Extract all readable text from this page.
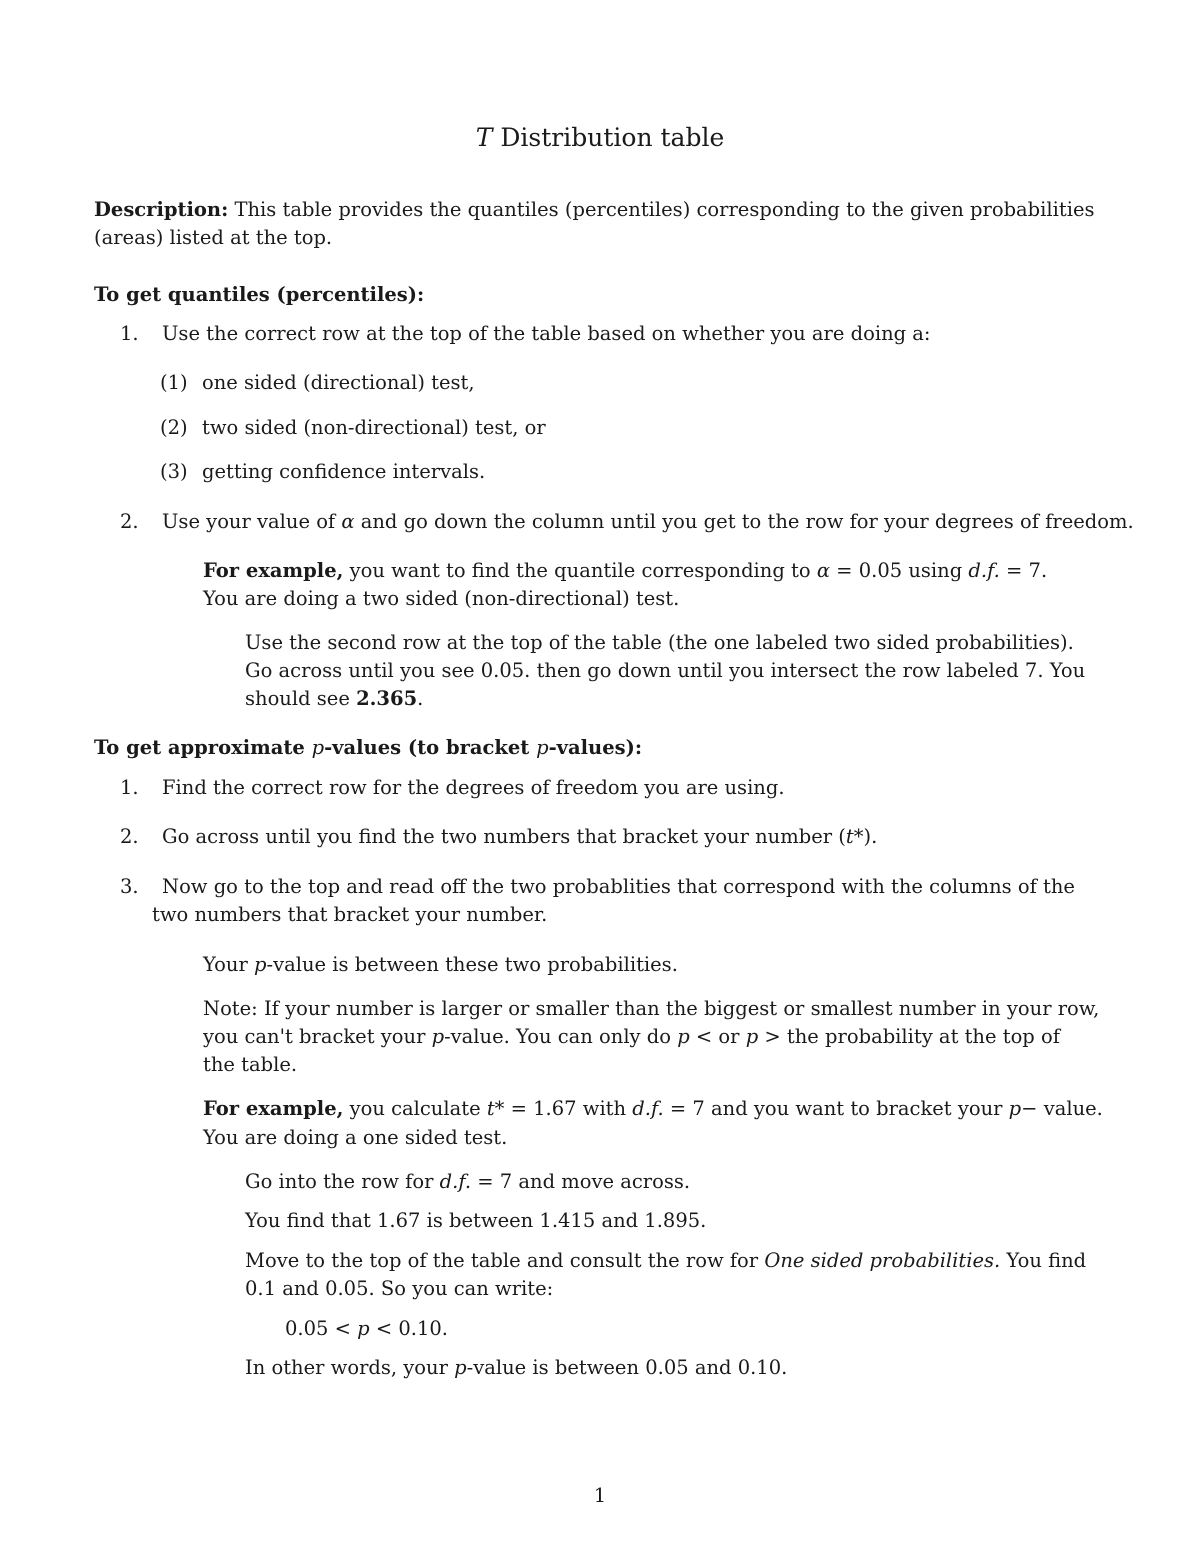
T Distribution table
Description: This table provides the quantiles (percentiles) corresponding to the given probabilities
(areas) listed at the top.
To get quantiles (percentiles):
1. Use the correct row at the top of the table based on whether you are doing a:
(1) one sided (directional) test,
(2) two sided (non-directional) test, or
(3) getting confidence intervals.
2. Use your value of α and go down the column until you get to the row for your degrees of freedom.
For example, you want to find the quantile corresponding to α = 0.05 using d.f. = 7.
You are doing a two sided (non-directional) test.
Use the second row at the top of the table (the one labeled two sided probabilities).
Go across until you see 0.05. then go down until you intersect the row labeled 7. You
should see 2.365.
To get approximate p-values (to bracket p-values):
1. Find the correct row for the degrees of freedom you are using.
2. Go across until you find the two numbers that bracket your number (t*).
3. Now go to the top and read off the two probablities that correspond with the columns of the
two numbers that bracket your number.
Your p-value is between these two probabilities.
Note: If your number is larger or smaller than the biggest or smallest number in your row,
you can't bracket your p-value. You can only do p < or p > the probability at the top of
the table.
For example, you calculate t* = 1.67 with d.f. = 7 and you want to bracket your p− value.
You are doing a one sided test.
Go into the row for d.f. = 7 and move across.
You find that 1.67 is between 1.415 and 1.895.
Move to the top of the table and consult the row for One sided probabilities. You find
0.1 and 0.05. So you can write:
0.05 < p < 0.10.
In other words, your p-value is between 0.05 and 0.10.
1
